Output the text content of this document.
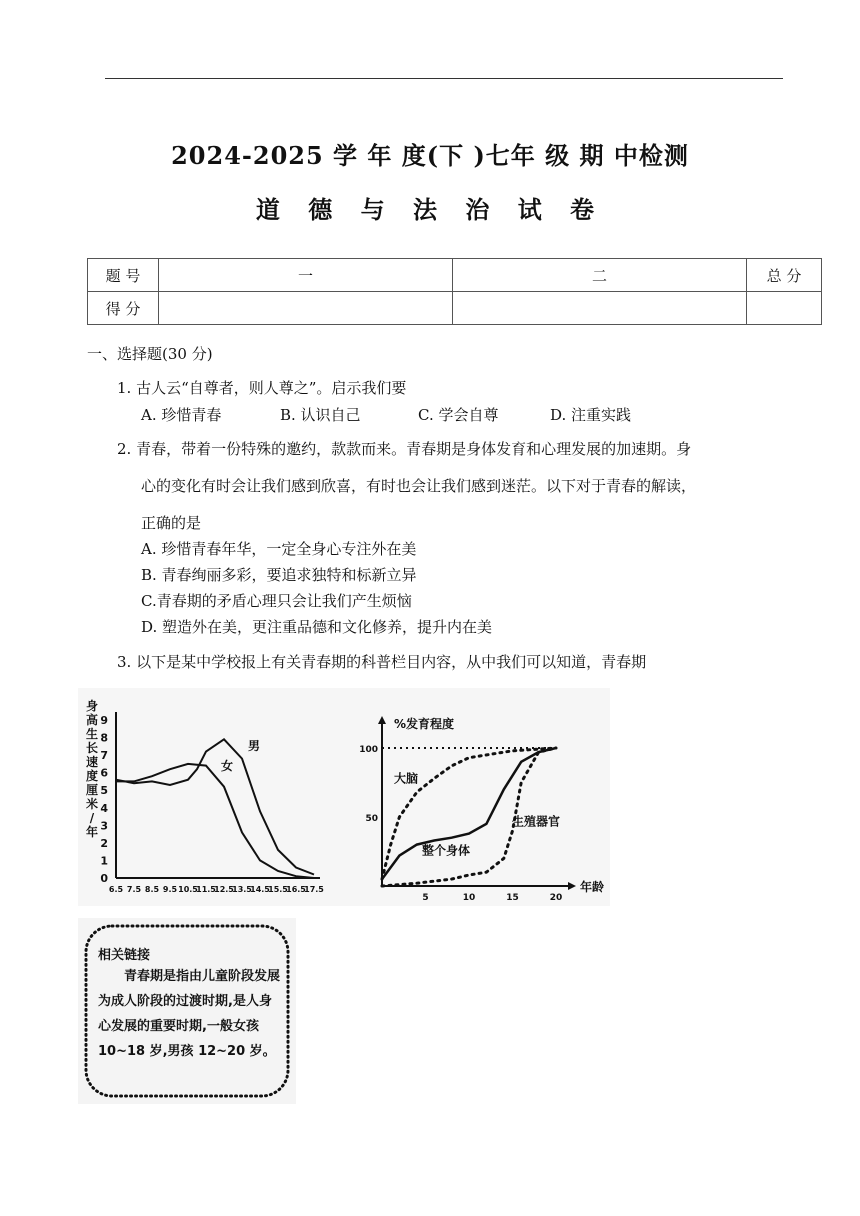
2024-2025 学 年 度(下 )七年 级 期 中检测
道 德 与 法 治 试 卷
题 号	一	二	总 分
得 分			
一、选择题(30 分)
1. 古人云“自尊者，则人尊之”。启示我们要
A. 珍惜青春	B. 认识自己	C. 学会自尊	D. 注重实践
2. 青春，带着一份特殊的邀约，款款而来。青春期是身体发育和心理发展的加速期。身
心的变化有时会让我们感到欣喜，有时也会让我们感到迷茫。以下对于青春的解读，
正确的是
A. 珍惜青春年华，一定全身心专注外在美
B. 青春绚丽多彩，要追求独特和标新立异
C.青春期的矛盾心理只会让我们产生烦恼
D. 塑造外在美，更注重品德和文化修养，提升内在美
3. 以下是某中学校报上有关青春期的科普栏目内容，从中我们可以知道，青春期
0
1
2
3
4
5
6
7
8
9
6.5 7.5 8.5 9.5 10.5
11.5
12.5
13.5
14.5
15.5
16.5
17.5
身
高
生
长
速
度
厘
米
/
年
男
女
%发育程度
年龄
50
100
5	10	15	20
大脑
整个身体
生殖器官
相关链接
青春期是指由儿童阶段发展为成人阶段的过渡时期,是人身心发展的重要时期,一般女孩 10~18 岁,男孩 12~20 岁。
